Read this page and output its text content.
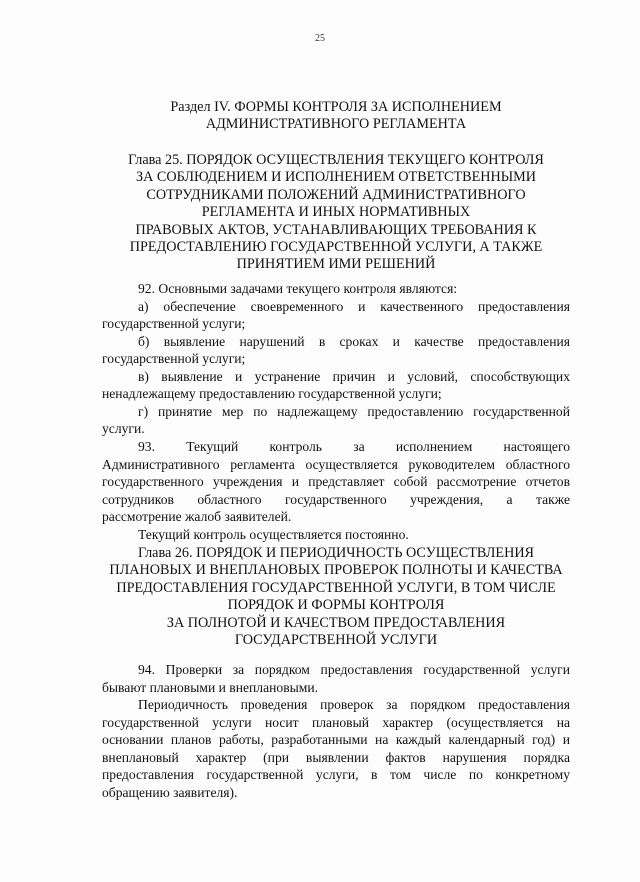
25
Раздел IV. ФОРМЫ КОНТРОЛЯ ЗА ИСПОЛНЕНИЕМ
АДМИНИСТРАТИВНОГО РЕГЛАМЕНТА
Глава 25. ПОРЯДОК ОСУЩЕСТВЛЕНИЯ ТЕКУЩЕГО КОНТРОЛЯ
ЗА СОБЛЮДЕНИЕМ И ИСПОЛНЕНИЕМ ОТВЕТСТВЕННЫМИ
СОТРУДНИКАМИ ПОЛОЖЕНИЙ АДМИНИСТРАТИВНОГО
РЕГЛАМЕНТА И ИНЫХ НОРМАТИВНЫХ
ПРАВОВЫХ АКТОВ, УСТАНАВЛИВАЮЩИХ ТРЕБОВАНИЯ К
ПРЕДОСТАВЛЕНИЮ ГОСУДАРСТВЕННОЙ УСЛУГИ, А ТАКЖЕ
ПРИНЯТИЕМ ИМИ РЕШЕНИЙ
92. Основными задачами текущего контроля являются:
а) обеспечение своевременного и качественного предоставления
государственной услуги;
б) выявление нарушений в сроках и качестве предоставления
государственной услуги;
в) выявление и устранение причин и условий, способствующих
ненадлежащему предоставлению государственной услуги;
г) принятие мер по надлежащему предоставлению государственной
услуги.
93. Текущий контроль за исполнением настоящего
Административного регламента осуществляется руководителем областного
государственного учреждения и представляет собой рассмотрение отчетов
сотрудников областного государственного учреждения, а также
рассмотрение жалоб заявителей.
Текущий контроль осуществляется постоянно.
Глава 26. ПОРЯДОК И ПЕРИОДИЧНОСТЬ ОСУЩЕСТВЛЕНИЯ
ПЛАНОВЫХ И ВНЕПЛАНОВЫХ ПРОВЕРОК ПОЛНОТЫ И КАЧЕСТВА
ПРЕДОСТАВЛЕНИЯ ГОСУДАРСТВЕННОЙ УСЛУГИ, В ТОМ ЧИСЛЕ
ПОРЯДОК И ФОРМЫ КОНТРОЛЯ
ЗА ПОЛНОТОЙ И КАЧЕСТВОМ ПРЕДОСТАВЛЕНИЯ
ГОСУДАРСТВЕННОЙ УСЛУГИ
94. Проверки за порядком предоставления государственной услуги
бывают плановыми и внеплановыми.
Периодичность проведения проверок за порядком предоставления
государственной услуги носит плановый характер (осуществляется на
основании планов работы, разработанными на каждый календарный год) и
внеплановый характер (при выявлении фактов нарушения порядка
предоставления государственной услуги, в том числе по конкретному
обращению заявителя).
